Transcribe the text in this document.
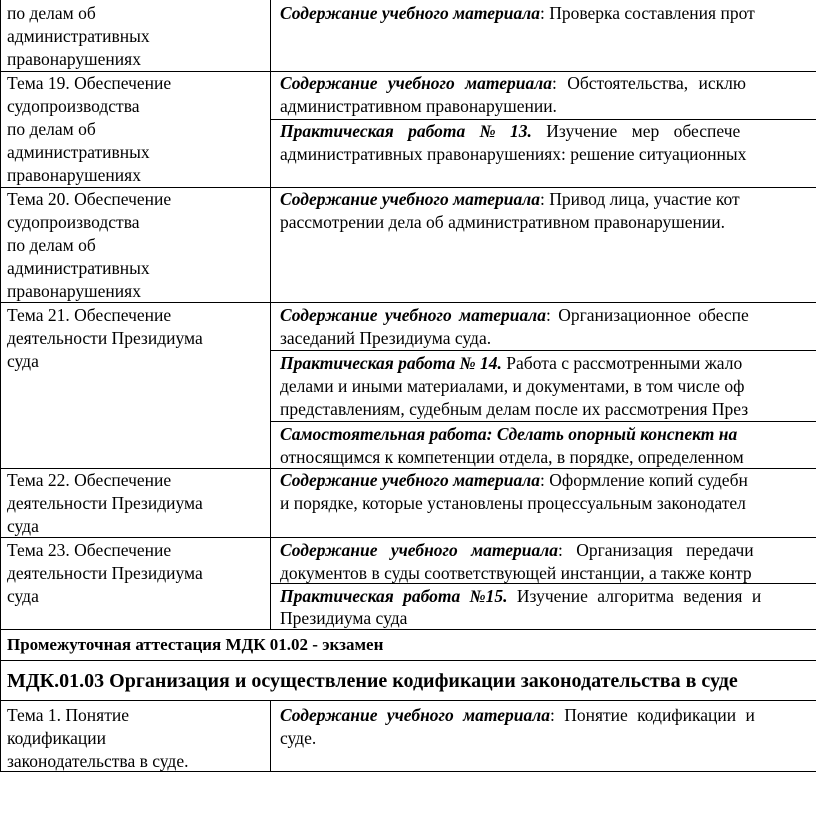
по делам об
административных
правонарушениях
Содержание учебного материала: Проверка составления прот
Тема 19. Обеспечение
судопроизводства
по делам об
административных
правонарушениях
Содержание учебного материала: Обстоятельства, исклю
административном правонарушении.
Практическая работа № 13. Изучение мер обеспече
административных правонарушениях: решение ситуационных
Тема 20. Обеспечение
судопроизводства
по делам об
административных
правонарушениях
Содержание учебного материала: Привод лица, участие кот
рассмотрении дела об административном правонарушении.
Тема 21. Обеспечение
деятельности Президиума
суда
Содержание учебного материала: Организационное обеспе
заседаний Президиума суда.
Практическая работа № 14. Работа с рассмотренными жало
делами и иными материалами, и документами, в том числе оф
представлениям, судебным делам после их рассмотрения През
Самостоятельная работа: Сделать опорный конспект на
относящимся к компетенции отдела, в порядке, определенном
Тема 22. Обеспечение
деятельности Президиума
суда
Содержание учебного материала: Оформление копий судебн
и порядке, которые установлены процессуальным законодател
Тема 23. Обеспечение
деятельности Президиума
суда
Содержание учебного материала: Организация передачи
документов в суды соответствующей инстанции, а также контр
Практическая работа №15. Изучение алгоритма ведения и
Президиума суда
Промежуточная аттестация МДК 01.02 - экзамен
МДК.01.03 Организация и осуществление кодификации законодательства в суде
Тема 1. Понятие
кодификации
законодательства в суде.
Содержание учебного материала: Понятие кодификации и
суде.
